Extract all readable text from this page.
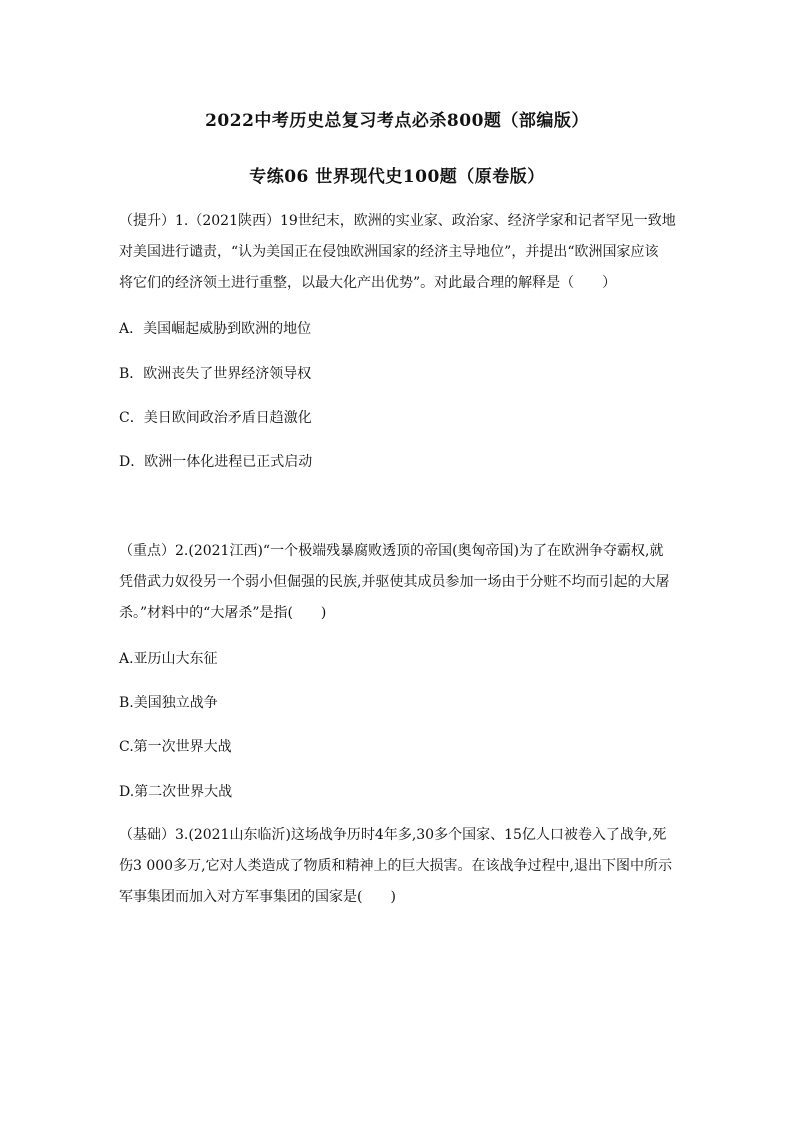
2022中考历史总复习考点必杀800题（部编版）
专练06 世界现代史100题（原卷版）
（提升）1.（2021陕西）19世纪末，欧洲的实业家、政治家、经济学家和记者罕见一致地
对美国进行谴责，“认为美国正在侵蚀欧洲国家的经济主导地位”，并提出“欧洲国家应该
将它们的经济领土进行重整，以最大化产出优势”。对此最合理的解释是（　　）
A．美国崛起威胁到欧洲的地位
B．欧洲丧失了世界经济领导权
C．美日欧间政治矛盾日趋激化
D．欧洲一体化进程已正式启动
（重点）2.(2021江西)“一个极端残暴腐败透顶的帝国(奥匈帝国)为了在欧洲争夺霸权,就
凭借武力奴役另一个弱小但倔强的民族,并驱使其成员参加一场由于分赃不均而引起的大屠
杀。”材料中的“大屠杀”是指(　　)
A.亚历山大东征
B.美国独立战争
C.第一次世界大战
D.第二次世界大战
（基础）3.(2021山东临沂)这场战争历时4年多,30多个国家、15亿人口被卷入了战争,死
伤3 000多万,它对人类造成了物质和精神上的巨大损害。在该战争过程中,退出下图中所示
军事集团而加入对方军事集团的国家是(　　)
